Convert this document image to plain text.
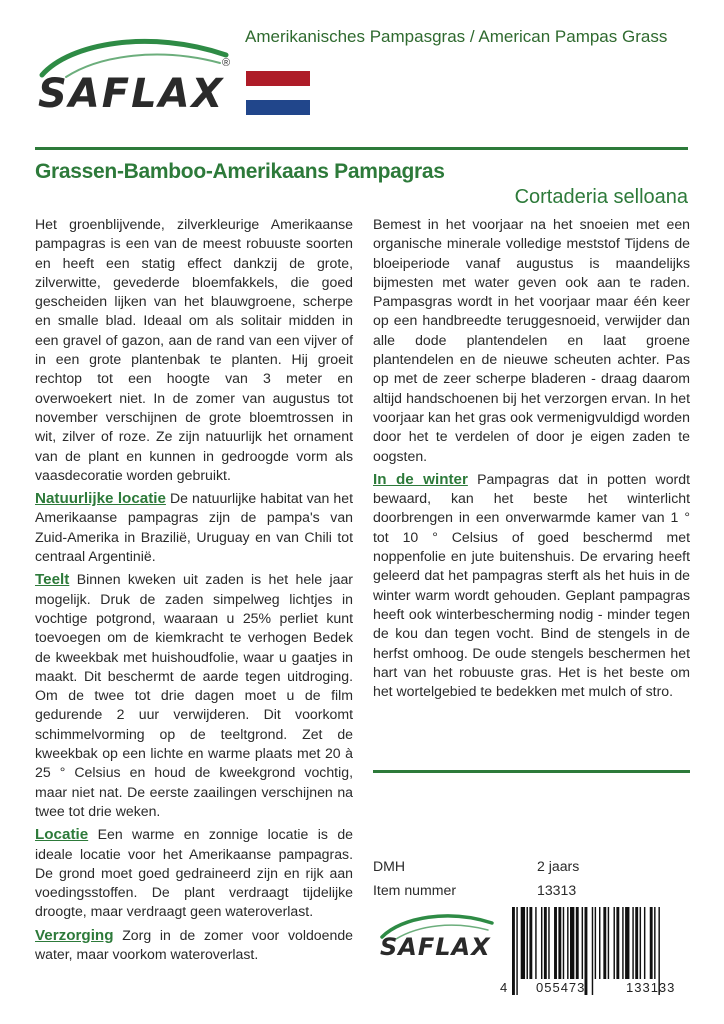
®
SAFLAX
Amerikanisches Pampasgras / American Pampas Grass
Grassen-Bamboo-Amerikaans Pampagras
Cortaderia selloana

Het groenblijvende, zilverkleurige Amerikaanse pampagras is een van de meest robuuste soorten en heeft een statig effect dankzij de grote, zilverwitte, gevederde bloemfakkels, die goed gescheiden lijken van het blauwgroene, scherpe en smalle blad. Ideaal om als solitair midden in een gravel of gazon, aan de rand van een vijver of in een grote plantenbak te planten. Hij groeit rechtop tot een hoogte van 3 meter en overwoekert niet. In de zomer van augustus tot november verschijnen de grote bloemtrossen in wit, zilver of roze. Ze zijn natuurlijk het ornament van de plant en kunnen in gedroogde vorm als vaasdecoratie worden gebruikt.

Natuurlijke locatie De natuurlijke habitat van het Amerikaanse pampagras zijn de pampa's van Zuid-Amerika in Brazilië, Uruguay en van Chili tot centraal Argentinië.

Teelt Binnen kweken uit zaden is het hele jaar mogelijk. Druk de zaden simpelweg lichtjes in vochtige potgrond, waaraan u 25% perliet kunt toevoegen om de kiemkracht te verhogen Bedek de kweekbak met huishoudfolie, waar u gaatjes in maakt. Dit beschermt de aarde tegen uitdroging. Om de twee tot drie dagen moet u de film gedurende 2 uur verwijderen. Dit voorkomt schimmelvorming op de teeltgrond. Zet de kweekbak op een lichte en warme plaats met 20 à 25 ° Celsius en houd de kweekgrond vochtig, maar niet nat. De eerste zaailingen verschijnen na twee tot drie weken.

Locatie Een warme en zonnige locatie is de ideale locatie voor het Amerikaanse pampagras. De grond moet goed gedraineerd zijn en rijk aan voedingsstoffen. De plant verdraagt tijdelijke droogte, maar verdraagt geen wateroverlast.

Verzorging Zorg in de zomer voor voldoende water, maar voorkom wateroverlast.

Bemest in het voorjaar na het snoeien met een organische minerale volledige meststof Tijdens de bloeiperiode vanaf augustus is maandelijks bijmesten met water geven ook aan te raden. Pampasgras wordt in het voorjaar maar één keer op een handbreedte teruggesnoeid, verwijder dan alle dode plantendelen en laat groene plantendelen en de nieuwe scheuten achter. Pas op met de zeer scherpe bladeren - draag daarom altijd handschoenen bij het verzorgen ervan. In het voorjaar kan het gras ook vermenigvuldigd worden door het te verdelen of door je eigen zaden te oogsten.

In de winter Pampagras dat in potten wordt bewaard, kan het beste het winterlicht doorbrengen in een onverwarmde kamer van 1 ° tot 10 ° Celsius of goed beschermd met noppenfolie en jute buitenshuis. De ervaring heeft geleerd dat het pampagras sterft als het huis in de winter warm wordt gehouden. Geplant pampagras heeft ook winterbescherming nodig - minder tegen de kou dan tegen vocht. Bind de stengels in de herfst omhoog. De oude stengels beschermen het hart van het robuuste gras. Het is het beste om het wortelgebied te bedekken met mulch of stro.

DMH	2 jaars
Item nummer	13313
SAFLAX
4 055473	133133
